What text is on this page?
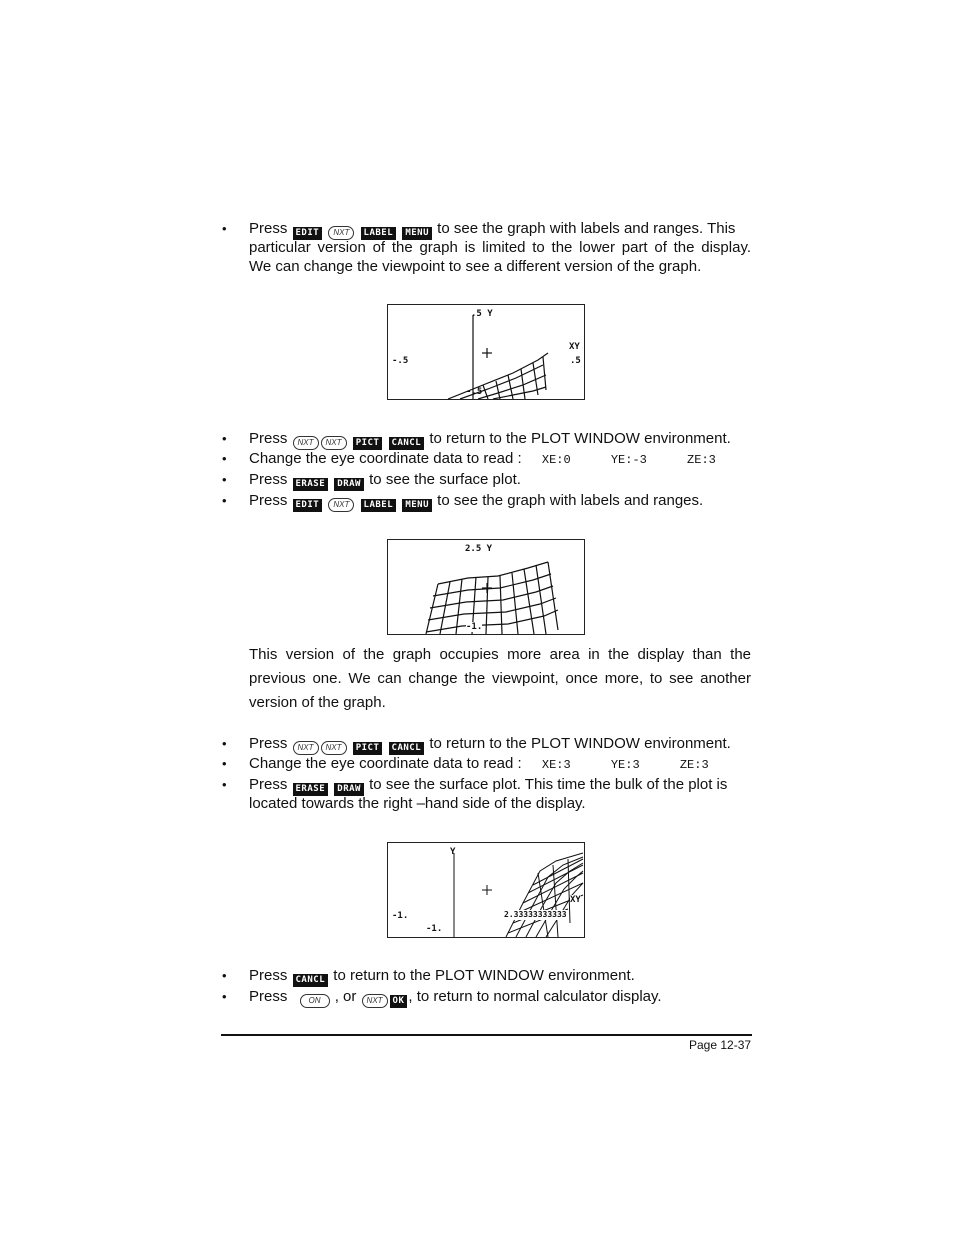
• Press EDIT NXT LABEL MENU to see the graph with labels and ranges. This
particular version of the graph is limited to the lower part of the display.
We can change the viewpoint to see a different version of the graph.
.5 Y
XY
-.5	.5
-.5
• Press NXT NXT PICT CANCL to return to the PLOT WINDOW environment.
• Change the eye coordinate data to read : XE:0	YE:-3	ZE:3
• Press ERASE DRAW to see the surface plot.
• Press EDIT NXT LABEL MENU to see the graph with labels and ranges.
2.5 Y
-1.
This version of the graph occupies more area in the display than the previous one. We can change the viewpoint, once more, to see another version of the graph.
• Press NXT NXT PICT CANCL to return to the PLOT WINDOW environment.
• Change the eye coordinate data to read : XE:3	YE:3	ZE:3
• Press ERASE DRAW to see the surface plot. This time the bulk of the plot is
located towards the right –hand side of the display.
Y
XY
-1.	2.33333333333
-1.
• Press CANCL to return to the PLOT WINDOW environment.
• Press	ON , or NXT OK , to return to normal calculator display.
Page 12-37
